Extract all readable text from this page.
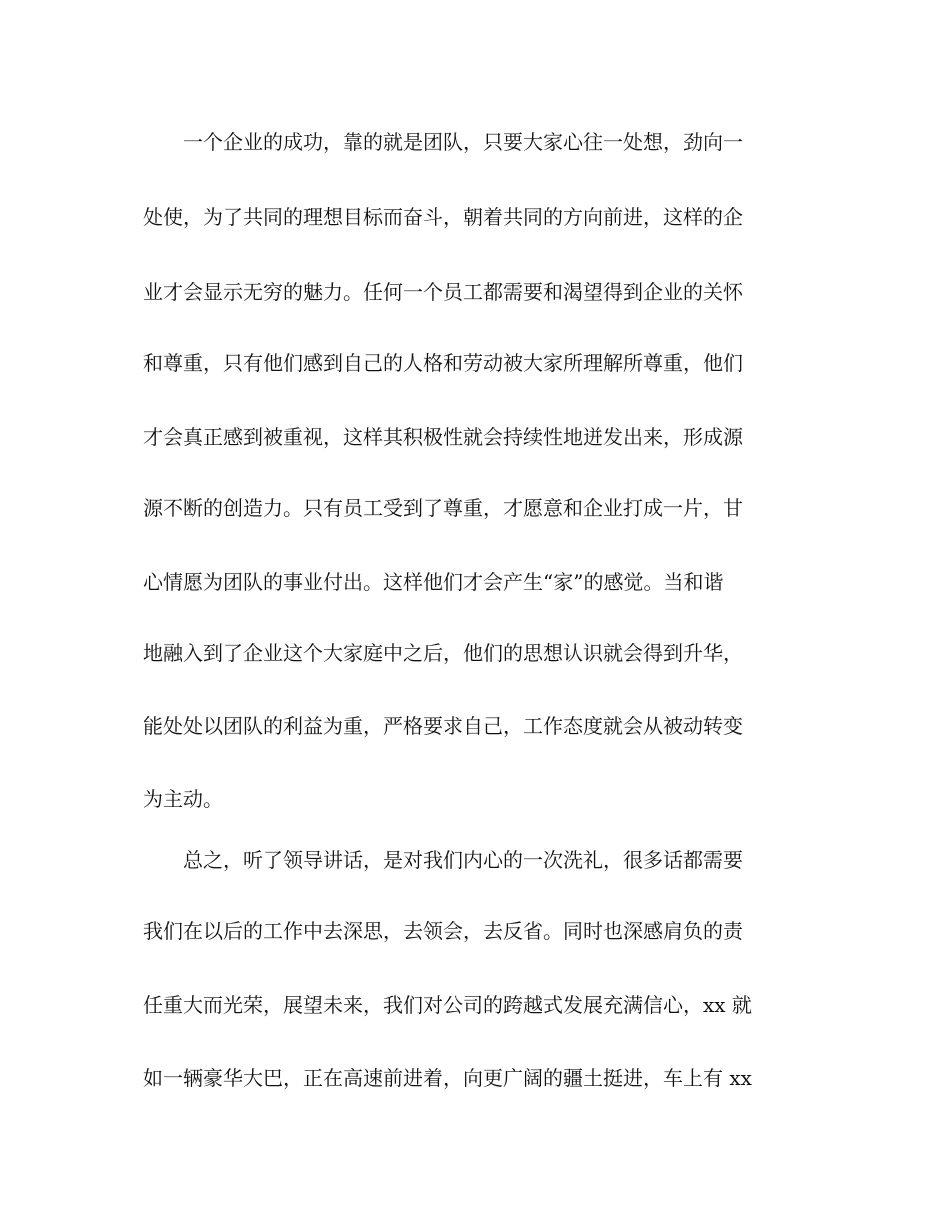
　　一个企业的成功，靠的就是团队，只要大家心往一处想，劲向一
处使，为了共同的理想目标而奋斗，朝着共同的方向前进，这样的企
业才会显示无穷的魅力。任何一个员工都需要和渴望得到企业的关怀
和尊重，只有他们感到自己的人格和劳动被大家所理解所尊重，他们
才会真正感到被重视，这样其积极性就会持续性地迸发出来，形成源
源不断的创造力。只有员工受到了尊重，才愿意和企业打成一片，甘
心情愿为团队的事业付出。这样他们才会产生“家”的感觉。当和谐
地融入到了企业这个大家庭中之后，他们的思想认识就会得到升华，
能处处以团队的利益为重，严格要求自己，工作态度就会从被动转变
为主动。
　　总之，听了领导讲话，是对我们内心的一次洗礼，很多话都需要
我们在以后的工作中去深思，去领会，去反省。同时也深感肩负的责
任重大而光荣，展望未来，我们对公司的跨越式发展充满信心，xx 就
如一辆豪华大巴，正在高速前进着，向更广阔的疆土挺进，车上有 xx
